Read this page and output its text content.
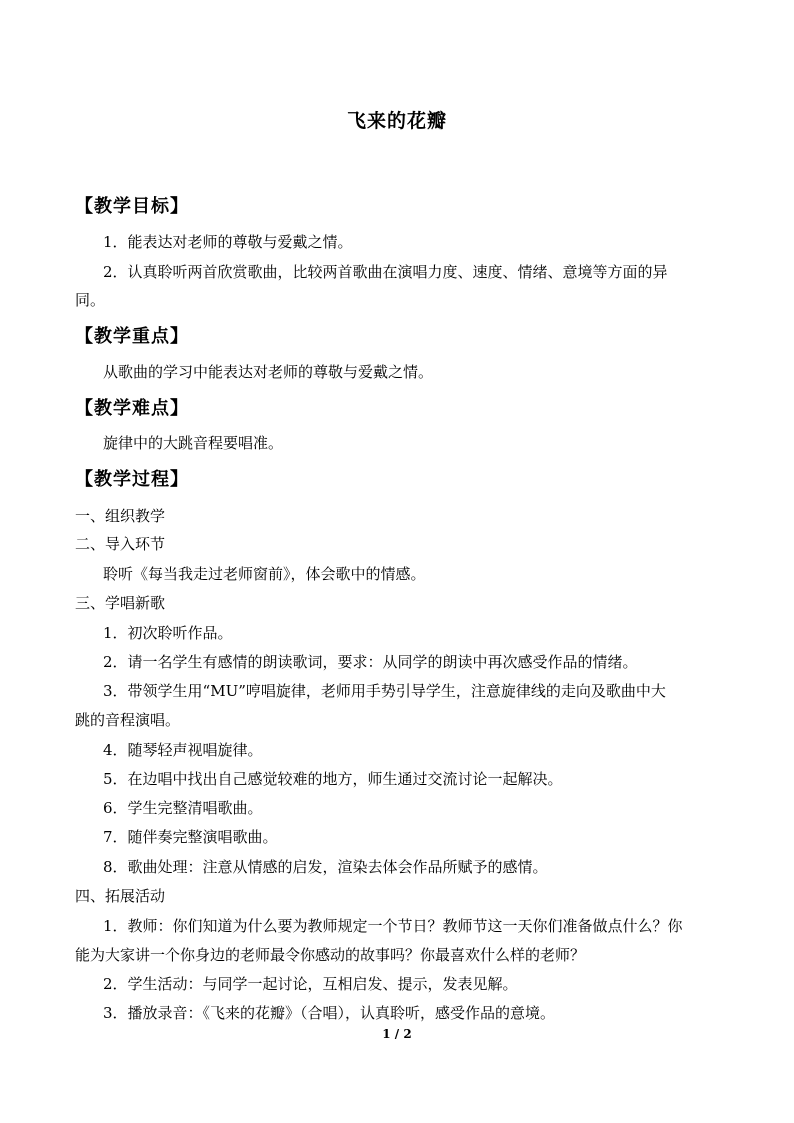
飞来的花瓣
【教学目标】
1．能表达对老师的尊敬与爱戴之情。
2．认真聆听两首欣赏歌曲，比较两首歌曲在演唱力度、速度、情绪、意境等方面的异
同。
【教学重点】
从歌曲的学习中能表达对老师的尊敬与爱戴之情。
【教学难点】
旋律中的大跳音程要唱准。
【教学过程】
一、组织教学
二、导入环节
聆听《每当我走过老师窗前》，体会歌中的情感。
三、学唱新歌
1．初次聆听作品。
2．请一名学生有感情的朗读歌词，要求：从同学的朗读中再次感受作品的情绪。
3．带领学生用“MU”哼唱旋律，老师用手势引导学生，注意旋律线的走向及歌曲中大
跳的音程演唱。
4．随琴轻声视唱旋律。
5．在边唱中找出自己感觉较难的地方，师生通过交流讨论一起解决。
6．学生完整清唱歌曲。
7．随伴奏完整演唱歌曲。
8．歌曲处理：注意从情感的启发，渲染去体会作品所赋予的感情。
四、拓展活动
1．教师：你们知道为什么要为教师规定一个节日？教师节这一天你们准备做点什么？你
能为大家讲一个你身边的老师最令你感动的故事吗？你最喜欢什么样的老师？
2．学生活动：与同学一起讨论，互相启发、提示，发表见解。
3．播放录音：《飞来的花瓣》（合唱），认真聆听，感受作品的意境。
1 / 2
